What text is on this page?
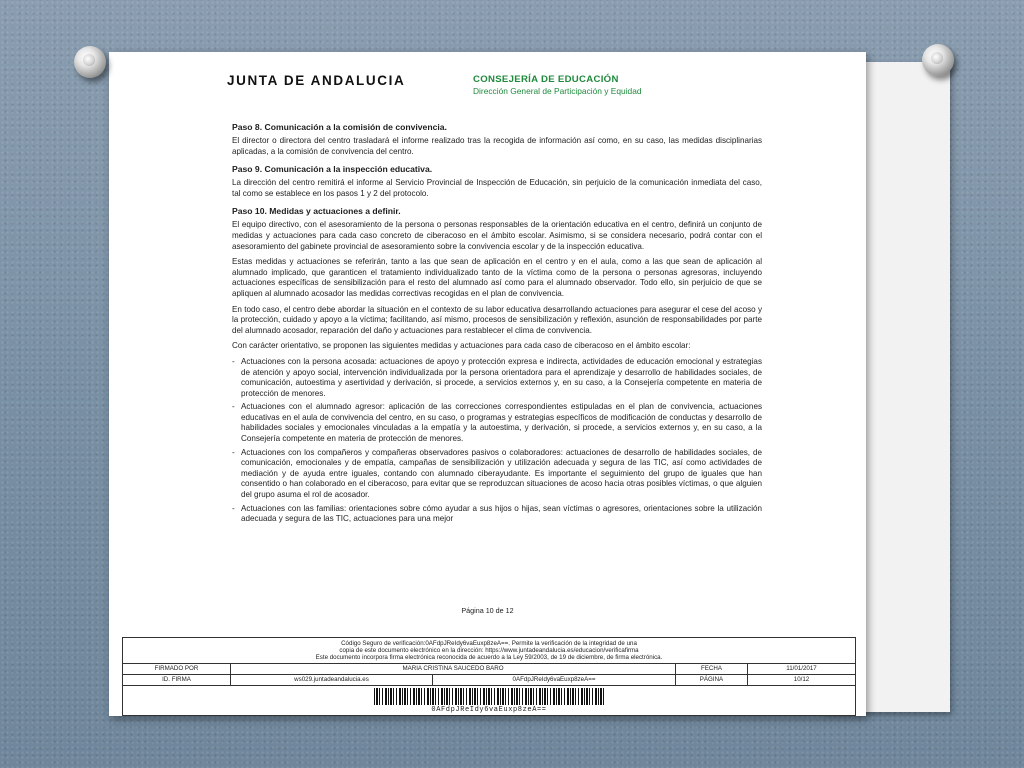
JUNTA DE ANDALUCIA	CONSEJERÍA DE EDUCACIÓN
Dirección General de Participación y Equidad
Paso 8. Comunicación a la comisión de convivencia.
El director o directora del centro trasladará el informe realizado tras la recogida de información así como, en su caso, las medidas disciplinarias aplicadas, a la comisión de convivencia del centro.
Paso 9. Comunicación a la inspección educativa.
La dirección del centro remitirá el informe al Servicio Provincial de Inspección de Educación, sin perjuicio de la comunicación inmediata del caso, tal como se establece en los pasos 1 y 2 del protocolo.
Paso 10. Medidas y actuaciones a definir.
El equipo directivo, con el asesoramiento de la persona o personas responsables de la orientación educativa en el centro, definirá un conjunto de medidas y actuaciones para cada caso concreto de ciberacoso en el ámbito escolar. Asimismo, si se considera necesario, podrá contar con el asesoramiento del gabinete provincial de asesoramiento sobre la convivencia escolar y de la inspección educativa.
Estas medidas y actuaciones se referirán, tanto a las que sean de aplicación en el centro y en el aula, como a las que sean de aplicación al alumnado implicado, que garanticen el tratamiento individualizado tanto de la víctima como de la persona o personas agresoras, incluyendo actuaciones específicas de sensibilización para el resto del alumnado así como para el alumnado observador. Todo ello, sin perjuicio de que se apliquen al alumnado acosador las medidas correctivas recogidas en el plan de convivencia.
En todo caso, el centro debe abordar la situación en el contexto de su labor educativa desarrollando actuaciones para asegurar el cese del acoso y la protección, cuidado y apoyo a la víctima; facilitando, así mismo, procesos de sensibilización y reflexión, asunción de responsabilidades por parte del alumnado acosador, reparación del daño y actuaciones para restablecer el clima de convivencia.
Con carácter orientativo, se proponen las siguientes medidas y actuaciones para cada caso de ciberacoso en el ámbito escolar:
- Actuaciones con la persona acosada: actuaciones de apoyo y protección expresa e indirecta, actividades de educación emocional y estrategias de atención y apoyo social, intervención individualizada por la persona orientadora para el aprendizaje y desarrollo de habilidades sociales, de comunicación, autoestima y asertividad y derivación, si procede, a servicios externos y, en su caso, a la Consejería competente en materia de protección de menores.
- Actuaciones con el alumnado agresor: aplicación de las correcciones correspondientes estipuladas en el plan de convivencia, actuaciones educativas en el aula de convivencia del centro, en su caso, o programas y estrategias específicos de modificación de conductas y desarrollo de habilidades sociales y emocionales vinculadas a la empatía y la autoestima, y derivación, si procede, a servicios externos y, en su caso, a la Consejería competente en materia de protección de menores.
- Actuaciones con los compañeros y compañeras observadores pasivos o colaboradores: actuaciones de desarrollo de habilidades sociales, de comunicación, emocionales y de empatía, campañas de sensibilización y utilización adecuada y segura de las TIC, así como actividades de mediación y de ayuda entre iguales, contando con alumnado ciberayudante. Es importante el seguimiento del grupo de iguales que han consentido o han colaborado en el ciberacoso, para evitar que se reproduzcan situaciones de acoso hacia otras posibles víctimas, o que alguien del grupo asuma el rol de acosador.
- Actuaciones con las familias: orientaciones sobre cómo ayudar a sus hijos o hijas, sean víctimas o agresores, orientaciones sobre la utilización adecuada y segura de las TIC, actuaciones para una mejor
Página 10 de 12
Código Seguro de verificación:0AFdpJReIdy6vaEuxp8zeA==. Permite la verificación de la integridad de una
copia de este documento electrónico en la dirección: https://www.juntadeandalucia.es/educacion/verificafirma
Este documento incorpora firma electrónica reconocida de acuerdo a la Ley 59/2003, de 19 de diciembre, de firma electrónica.
FIRMADO POR	MARIA CRISTINA SAUCEDO BARO	FECHA	11/01/2017
ID. FIRMA	ws029.juntadeandalucia.es	0AFdpJReIdy6vaEuxp8zeA==	PÁGINA	10/12
0AFdpJReIdy6vaEuxp8zeA==
